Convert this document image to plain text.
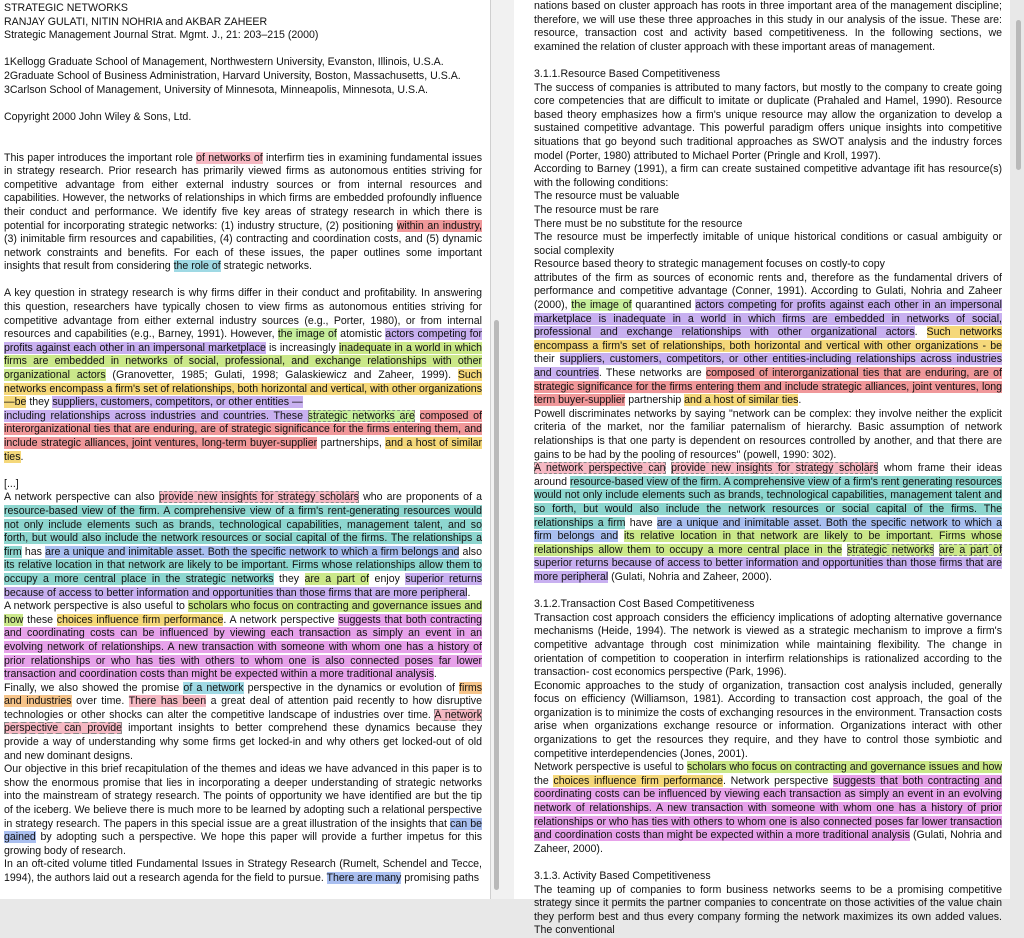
STRATEGIC NETWORKS

RANJAY GULATI, NITIN NOHRIA and AKBAR ZAHEER

Strategic Management Journal Strat. Mgmt. J., 21: 203–215 (2000)

1Kellogg Graduate School of Management, Northwestern University, Evanston, Illinois, U.S.A.

2Graduate School of Business Administration, Harvard University, Boston, Massachusetts, U.S.A.

3Carlson School of Management, University of Minnesota, Minneapolis, Minnesota, U.S.A.

Copyright 2000 John Wiley & Sons, Ltd.

This paper introduces the important role of networks of interfirm ties in examining fundamental issues in strategy research. Prior research has primarily viewed firms as autonomous entities striving for competitive advantage from either external industry sources or from internal resources and capabilities. However, the networks of relationships in which firms are embedded profoundly influence their conduct and performance. We identify five key areas of strategy research in which there is potential for incorporating strategic networks: (1) industry structure, (2) positioning within an industry, (3) inimitable firm resources and capabilities, (4) contracting and coordination costs, and (5) dynamic network constraints and benefits. For each of these issues, the paper outlines some important insights that result from considering the role of strategic networks.

A key question in strategy research is why firms differ in their conduct and profitability. In answering this question, researchers have typically chosen to view firms as autonomous entities striving for competitive advantage from either external industry sources (e.g., Porter, 1980), or from internal resources and capabilities (e.g., Barney, 1991). However, the image of atomistic actors competing for profits against each other in an impersonal marketplace is increasingly inadequate in a world in which firms are embedded in networks of social, professional, and exchange relationships with other organizational actors (Granovetter, 1985; Gulati, 1998; Galaskiewicz and Zaheer, 1999). Such networks encompass a firm's set of relationships, both horizontal and vertical, with other organizations—be they suppliers, customers, competitors, or other entities —

including relationships across industries and countries. These strategic networks are composed of interorganizational ties that are enduring, are of strategic significance for the firms entering them, and include strategic alliances, joint ventures, long-term buyer-supplier partnerships, and a host of similar ties.

[...]

A network perspective can also provide new insights for strategy scholars who are proponents of a resource-based view of the firm. A comprehensive view of a firm's rent-generating resources would not only include elements such as brands, technological capabilities, management talent, and so forth, but would also include the network resources or social capital of the firms. The relationships a firm has are a unique and inimitable asset. Both the specific network to which a firm belongs and also its relative location in that network are likely to be important. Firms whose relationships allow them to occupy a more central place in the strategic networks they are a part of enjoy superior returns because of access to better information and opportunities than those firms that are more peripheral.

A network perspective is also useful to scholars who focus on contracting and governance issues and how these choices influence firm performance. A network perspective suggests that both contracting and coordinating costs can be influenced by viewing each transaction as simply an event in an evolving network of relationships. A new transaction with someone with whom one has a history of prior relationships or who has ties with others to whom one is also connected poses far lower transaction and coordination costs than might be expected within a more traditional analysis.

Finally, we also showed the promise of a network perspective in the dynamics or evolution of firms and industries over time. There has been a great deal of attention paid recently to how disruptive technologies or other shocks can alter the competitive landscape of industries over time. A network perspective can provide important insights to better comprehend these dynamics because they provide a way of understanding why some firms get locked-in and why others get locked-out of old and new dominant designs.

Our objective in this brief recapitulation of the themes and ideas we have advanced in this paper is to show the enormous promise that lies in incorporating a deeper understanding of strategic networks into the mainstream of strategy research. The points of opportunity we have identified are but the tip of the iceberg. We believe there is much more to be learned by adopting such a relational perspective in strategy research. The papers in this special issue are a great illustration of the insights that can be gained by adopting such a perspective. We hope this paper will provide a further impetus for this growing body of research.

In an oft-cited volume titled Fundamental Issues in Strategy Research (Rumelt, Schendel and Tecce, 1994), the authors laid out a research agenda for the field to pursue. There are many promising paths

nations based on cluster approach has roots in three important area of the management discipline; therefore, we will use these three approaches in this study in our analysis of the issue. These are: resource, transaction cost and activity based competitiveness. In the following sections, we examined the relation of cluster approach with these important areas of management.

3.1.1.Resource Based Competitiveness

The success of companies is attributed to many factors, but mostly to the company to create going core competencies that are difficult to imitate or duplicate (Prahaled and Hamel, 1990). Resource based theory emphasizes how a firm's unique resource may allow the organization to develop a sustained competitive advantage. This powerful paradigm offers unique insights into competitive situations that go beyond such traditional approaches as SWOT analysis and the industry forces model (Porter, 1980) attributed to Michael Porter (Pringle and Kroll, 1997).

According to Barney (1991), a firm can create sustained competitive advantage ifit has resource(s) with the following conditions:

The resource must be valuable

The resource must be rare

There must be no substitute for the resource

The resource must be imperfectly imitable of unique historical conditions or casual ambiguity or social complexity

Resource based theory to strategic management focuses on costly-to copy

attributes of the firm as sources of economic rents and, therefore as the fundamental drivers of performance and competitive advantage (Conner, 1991). According to Gulati, Nohria and Zaheer (2000), the image of quarantined actors competing for profits against each other in an impersonal marketplace is inadequate in a world in which firms are embedded in networks of social, professional and exchange relationships with other organizational actors. Such networks encompass a firm's set of relationships, both horizontal and vertical with other organizations - be their suppliers, customers, competitors, or other entities-including relationships across industries and countries. These networks are composed of interorganizational ties that are enduring, are of strategic significance for the firms entering them and include strategic alliances, joint ventures, long term buyer-supplier partnership and a host of similar ties.

Powell discriminates networks by saying "network can be complex: they involve neither the explicit criteria of the market, nor the familiar paternalism of hierarchy. Basic assumption of network relationships is that one party is dependent on resources controlled by another, and that there are gains to be had by the pooling of resources" (powell, 1990: 302).

A network perspective can provide new insights for strategy scholars whom frame their ideas around resource-based view of the firm. A comprehensive view of a firm's rent generating resources would not only include elements such as brands, technological capabilities, management talent and so forth, but would also include the network resources or social capital of the firms. The relationships a firm have are a unique and inimitable asset. Both the specific network to which a firm belongs and its relative location in that network are likely to be important. Firms whose relationships allow them to occupy a more central place in the strategic networks are a part of superior returns because of access to better information and opportunities than those firms that are more peripheral (Gulati, Nohria and Zaheer, 2000).

3.1.2.Transaction Cost Based Competitiveness

Transaction cost approach considers the efficiency implications of adopting alternative governance mechanisms (Heide, 1994). The network is viewed as a strategic mechanism to improve a firm's competitive advantage through cost minimization while maintaining flexibility. The change in orientation of competition to cooperation in interfirm relationships is rationalized according to the transaction- cost economics perspective (Park, 1996).

Economic approaches to the study of organization, transaction cost analysis included, generally focus on efficiency (Williamson, 1981). According to transaction cost approach, the goal of the organization is to minimize the costs of exchanging resources in the environment. Transaction costs arise when organizations exchange resource or information. Organizations interact with other organizations to get the resources they require, and they have to control those symbiotic and competitive interdependencies (Jones, 2001).

Network perspective is useful to scholars who focus on contracting and governance issues and how the choices influence firm performance. Network perspective suggests that both contracting and coordinating costs can be influenced by viewing each transaction as simply an event in an evolving network of relationships. A new transaction with someone with whom one has a history of prior relationships or who has ties with others to whom one is also connected poses far lower transaction and coordination costs than might be expected within a more traditional analysis (Gulati, Nohria and Zaheer, 2000).

3.1.3. Activity Based Competitiveness

The teaming up of companies to form business networks seems to be a promising competitive strategy since it permits the partner companies to concentrate on those activities of the value chain they perform best and thus every company forming the network maximizes its own added values. The conventional
